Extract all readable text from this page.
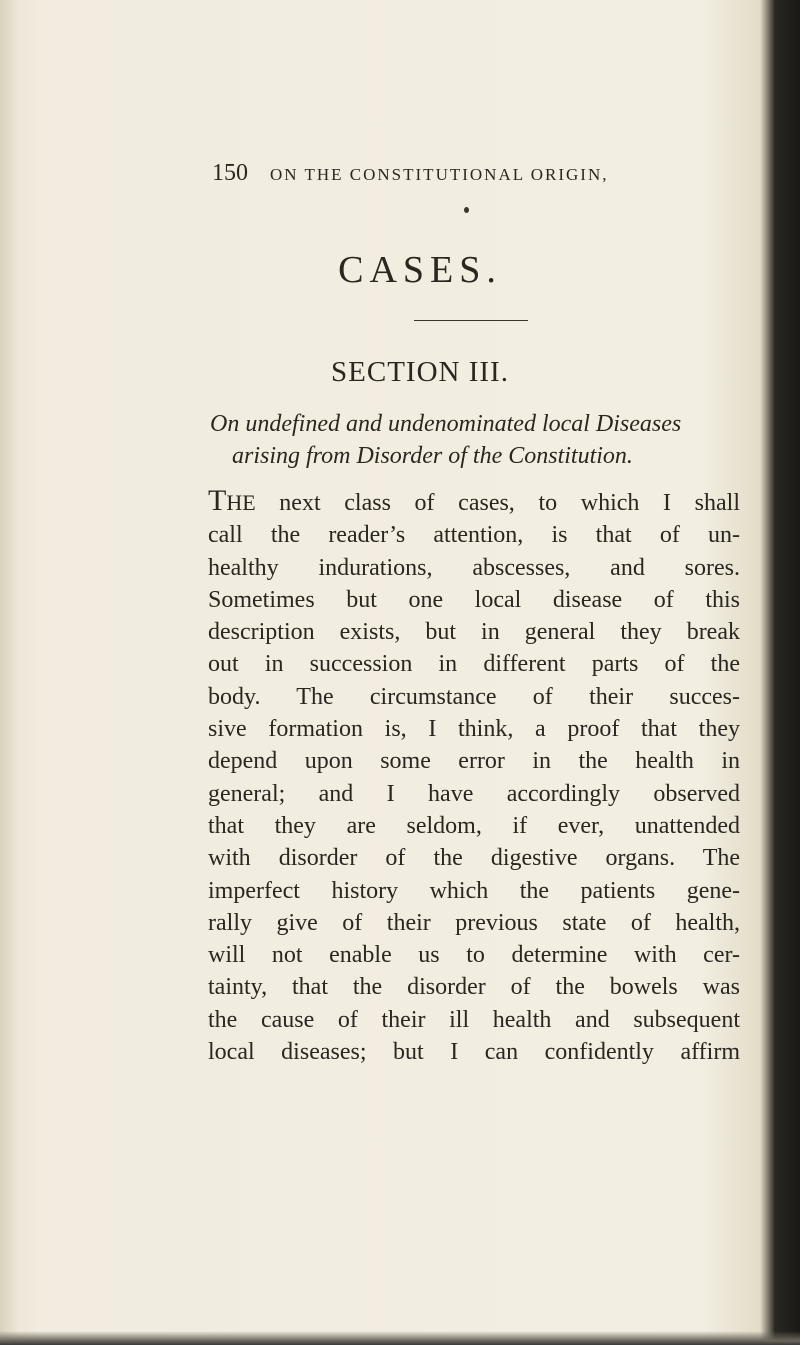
150 ON THE CONSTITUTIONAL ORIGIN,
CASES.
SECTION III.
On undefined and undenominated local Diseases
arising from Disorder of the Constitution.
THE next class of cases, to which I shall
call the reader’s attention, is that of un-
healthy indurations, abscesses, and sores.
Sometimes but one local disease of this
description exists, but in general they break
out in succession in different parts of the
body. The circumstance of their succes-
sive formation is, I think, a proof that they
depend upon some error in the health in
general; and I have accordingly observed
that they are seldom, if ever, unattended
with disorder of the digestive organs. The
imperfect history which the patients gene-
rally give of their previous state of health,
will not enable us to determine with cer-
tainty, that the disorder of the bowels was
the cause of their ill health and subsequent
local diseases; but I can confidently affirm
